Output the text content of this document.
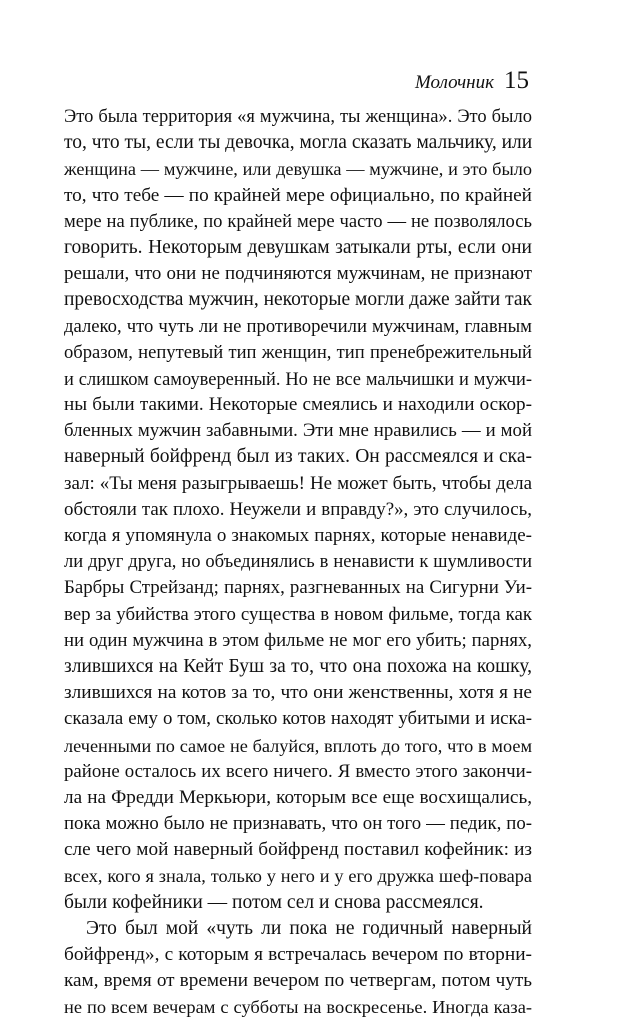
Молочник 15
Это была территория «я мужчина, ты женщина». Это было
то, что ты, если ты девочка, могла сказать мальчику, или
женщина — мужчине, или девушка — мужчине, и это было
то, что тебе — по крайней мере официально, по крайней
мере на публике, по крайней мере часто — не позволялось
говорить. Некоторым девушкам затыкали рты, если они
решали, что они не подчиняются мужчинам, не признают
превосходства мужчин, некоторые могли даже зайти так
далеко, что чуть ли не противоречили мужчинам, главным
образом, непутевый тип женщин, тип пренебрежительный
и слишком самоуверенный. Но не все мальчишки и мужчи-
ны были такими. Некоторые смеялись и находили оскор-
бленных мужчин забавными. Эти мне нравились — и мой
наверный бойфренд был из таких. Он рассмеялся и ска-
зал: «Ты меня разыгрываешь! Не может быть, чтобы дела
обстояли так плохо. Неужели и вправду?», это случилось,
когда я упомянула о знакомых парнях, которые ненавиде-
ли друг друга, но объединялись в ненависти к шумливости
Барбры Стрейзанд; парнях, разгневанных на Сигурни Уи-
вер за убийства этого существа в новом фильме, тогда как
ни один мужчина в этом фильме не мог его убить; парнях,
злившихся на Кейт Буш за то, что она похожа на кошку,
злившихся на котов за то, что они женственны, хотя я не
сказала ему о том, сколько котов находят убитыми и иска-
леченными по самое не балуйся, вплоть до того, что в моем
районе осталось их всего ничего. Я вместо этого закончи-
ла на Фредди Меркьюри, которым все еще восхищались,
пока можно было не признавать, что он того — педик, по-
сле чего мой наверный бойфренд поставил кофейник: из
всех, кого я знала, только у него и у его дружка шеф-повара
были кофейники — потом сел и снова рассмеялся.
Это был мой «чуть ли пока не годичный наверный
бойфренд», с которым я встречалась вечером по вторни-
кам, время от времени вечером по четвергам, потом чуть
не по всем вечерам с субботы на воскресенье. Иногда каза-
